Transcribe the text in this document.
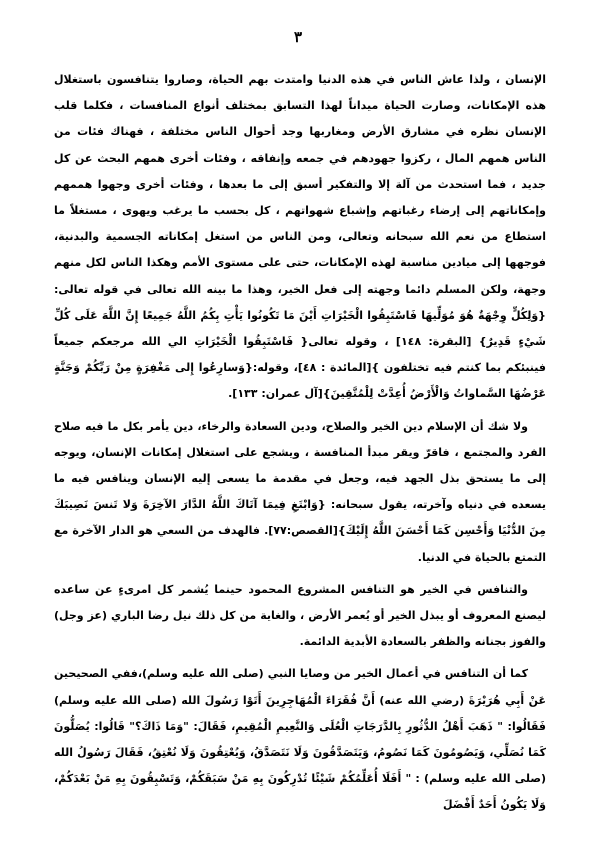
٣

الإنسان ، ولذا عاش الناس في هذه الدنيا وامتدت بهم الحياة، وصاروا يتنافسون باستغلال هذه الإمكانات، وصارت الحياة ميداناً لهذا التسابق بمختلف أنواع المنافسات ، فكلما قلب الإنسان نظره في مشارق الأرض ومغاربها وجد أحوال الناس مختلفة ، فهناك فئات من الناس همهم المال ، ركزوا جهودهم في جمعه وإنفاقه ، وفئات أخرى همهم البحث عن كل جديد ، فما استحدث من آلة إلا والتفكير أسبق إلى ما بعدها ، وفئات أخرى وجهوا هممهم وإمكاناتهم إلى إرضاء رغباتهم وإشباع شهواتهم ، كل بحسب ما يرغب ويهوى ، مستغلاً ما استطاع من نعم الله سبحانه وتعالى، ومن الناس من استغل إمكاناته الجسمية والبدنية، فوجهها إلى ميادين مناسبة لهذه الإمكانات، حتى على مستوى الأمم وهكذا الناس لكل منهم وجهة، ولكن المسلم دائما وجهته إلى فعل الخير، وهذا ما بينه الله تعالى في قوله تعالى: {وَلِكُلٍّ وِجْهَةٌ هُوَ مُوَلِّيهَا فَاسْتَبِقُوا الْخَيْرَاتِ أَيْنَ مَا تَكُونُوا يَأْتِ بِكُمُ اللَّهُ جَمِيعًا إِنَّ اللَّهَ عَلَى كُلِّ شَيْءٍ قَدِيرٌ} [البقرة: ١٤٨] ، وقوله تعالى{ فَاسْتَبِقُوا الْخَيْرَاتِ الي الله مرجعكم جميعاً فينبئكم بما كنتم فيه تختلفون }[المائدة : ٤٨]، وقوله:{وَسارِعُوا إِلى مَغْفِرَةٍ مِنْ رَبِّكُمْ وَجَنَّةٍ عَرْضُهَا السَّماواتُ وَالْأَرْضُ أُعِدَّتْ لِلْمُتَّقِينَ}[آل عمران: ١٣٣].

ولا شك أن الإسلام دين الخير والصلاح، ودين السعادة والرخاء، دين يأمر بكل ما فيه صلاح الفرد والمجتمع ، فاقرّ ويقر مبدأ المنافسة ، ويشجع على استغلال إمكانات الإنسان، ويوجه إلى ما يستحق بذل الجهد فيه، وجعل في مقدمة ما يسعى إليه الإنسان وينافس فيه ما يسعده في دنياه وآخرته، يقول سبحانه: {وَابْتَغِ فِيمَا آتَاكَ اللَّهُ الدَّارَ الآخِرَةَ وَلا تَنسَ نَصِيبَكَ مِنَ الدُّنْيَا وَأَحْسِن كَمَا أَحْسَنَ اللَّهُ إِلَيْكَ}[القصص:٧٧]. فالهدف من السعي هو الدار الآخرة مع التمتع بالحياة في الدنيا.

والتنافس في الخير هو التنافس المشروع المحمود حينما يُشمر كل امرىءٍ عن ساعده ليصنع المعروف أو يبذل الخير أو يُعمر الأرض ، والغاية من كل ذلك نيل رضا الباري (عز وجل) والفوز بجنانه والظفر بالسعادة الأبدية الدائمة.

كما أن التنافس في أعمال الخير من وصايا النبي (صلى الله عليه وسلم)،ففي الصحيحين عَنْ أَبِي هُرَيْرَةَ (رضي الله عنه) أَنَّ فُقَرَاءَ الْمُهَاجِرِينَ أَتَوْا رَسُولَ الله (صلى الله عليه وسلم) فَقَالُوا: " ذَهَبَ أَهْلُ الدُّثُورِ بِالدَّرَجَاتِ الْعُلَى وَالنَّعِيمِ الْمُقِيمِ، فَقَالَ: "وَمَا ذَاكَ؟" قَالُوا: يُصَلُّونَ كَمَا نُصَلِّي، وَيَصُومُونَ كَمَا نَصُومُ، وَيَتَصَدَّقُونَ وَلَا نَتَصَدَّقُ، وَيُعْتِقُونَ وَلَا نُعْتِقُ، فَقَالَ رَسُولُ الله (صلى الله عليه وسلم) : " أَفَلَا أُعَلِّمُكُمْ شَيْئًا تُدْرِكُونَ بِهِ مَنْ سَبَقَكُمْ، وَتَسْبِقُونَ بِهِ مَنْ بَعْدَكُمْ، وَلَا يَكُونُ أَحَدٌ أَفْضَلَ
